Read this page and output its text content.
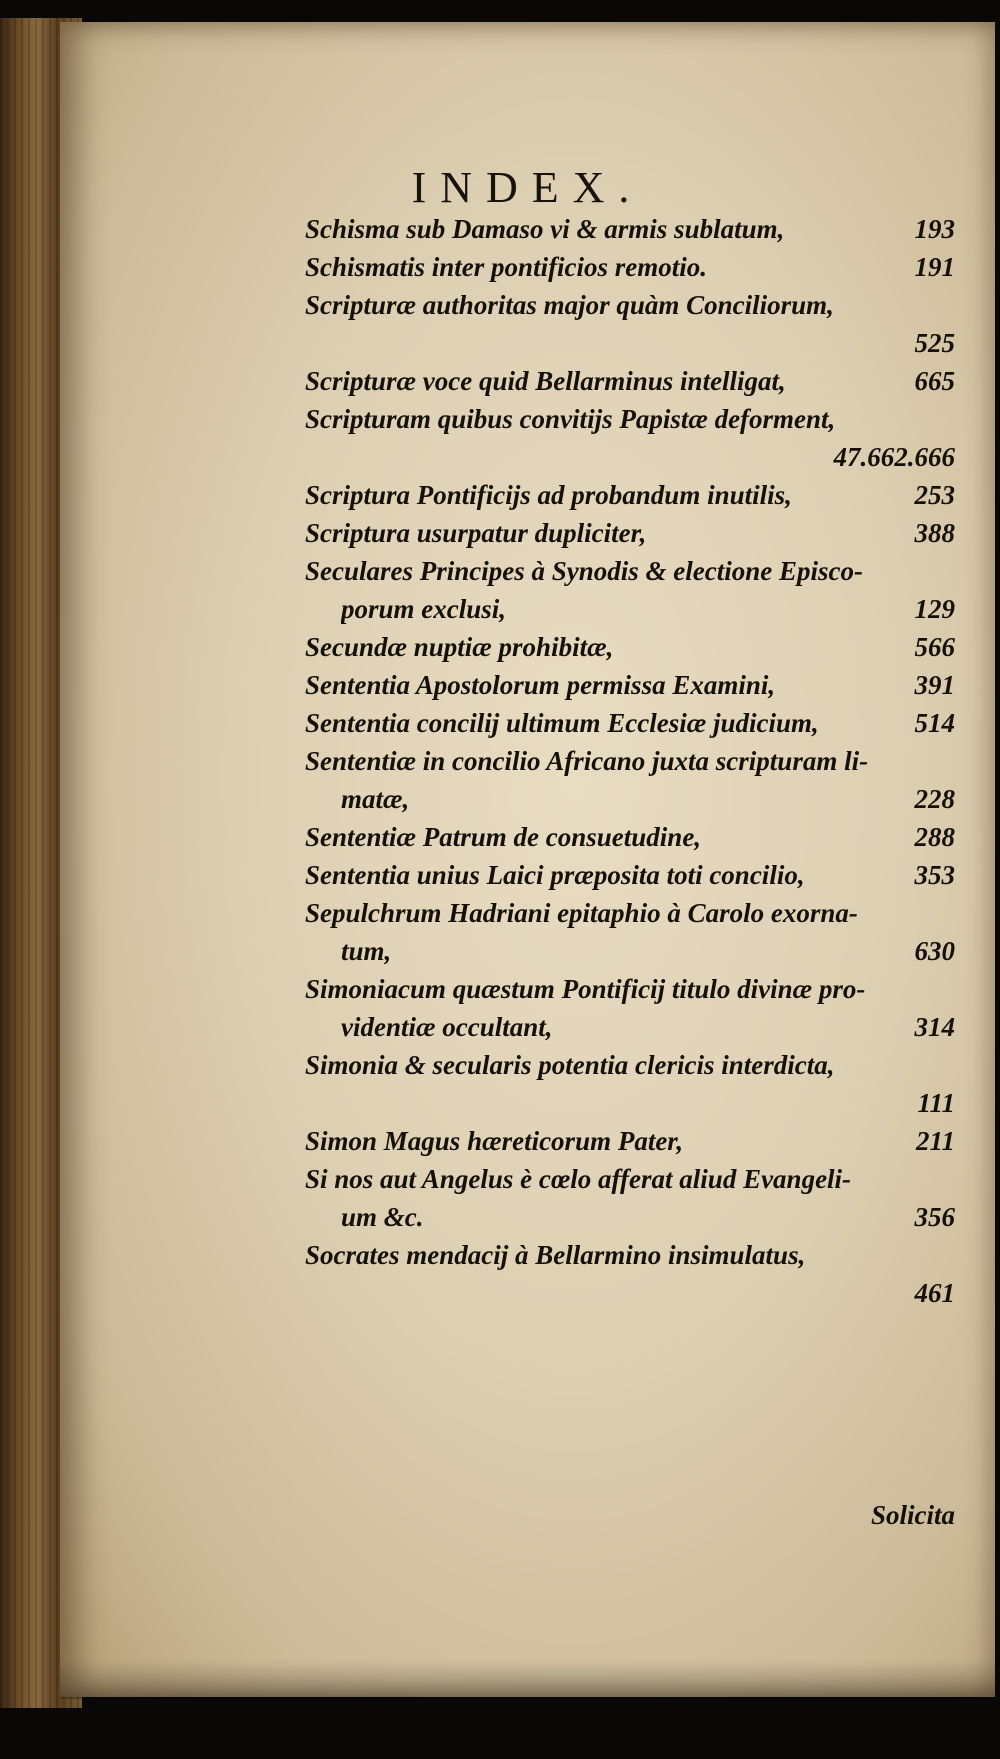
INDEX.
Schisma sub Damaso vi & armis sublatum,	193
Schismatis inter pontificios remotio.	191
Scripturæ authoritas major quàm Conciliorum,
525
Scripturæ voce quid Bellarminus intelligat,	665
Scripturam quibus convitijs Papistæ deforment,
47.662.666
Scriptura Pontificijs ad probandum inutilis,	253
Scriptura usurpatur dupliciter,	388
Seculares Principes à Synodis & electione Episco-
porum exclusi,	129
Secundæ nuptiæ prohibitæ,	566
Sententia Apostolorum permissa Examini,	391
Sententia concilij ultimum Ecclesiæ judicium,	514
Sententiæ in concilio Africano juxta scripturam li-
matæ,	228
Sententiæ Patrum de consuetudine,	288
Sententia unius Laici præposita toti concilio,	353
Sepulchrum Hadriani epitaphio à Carolo exorna-
tum,	630
Simoniacum quæstum Pontificij titulo divinæ pro-
videntiæ occultant,	314
Simonia & secularis potentia clericis interdicta,
111
Simon Magus hæreticorum Pater,	211
Si nos aut Angelus è cœlo afferat aliud Evangeli-
um &c.	356
Socrates mendacij à Bellarmino insimulatus,
461
Solicita
